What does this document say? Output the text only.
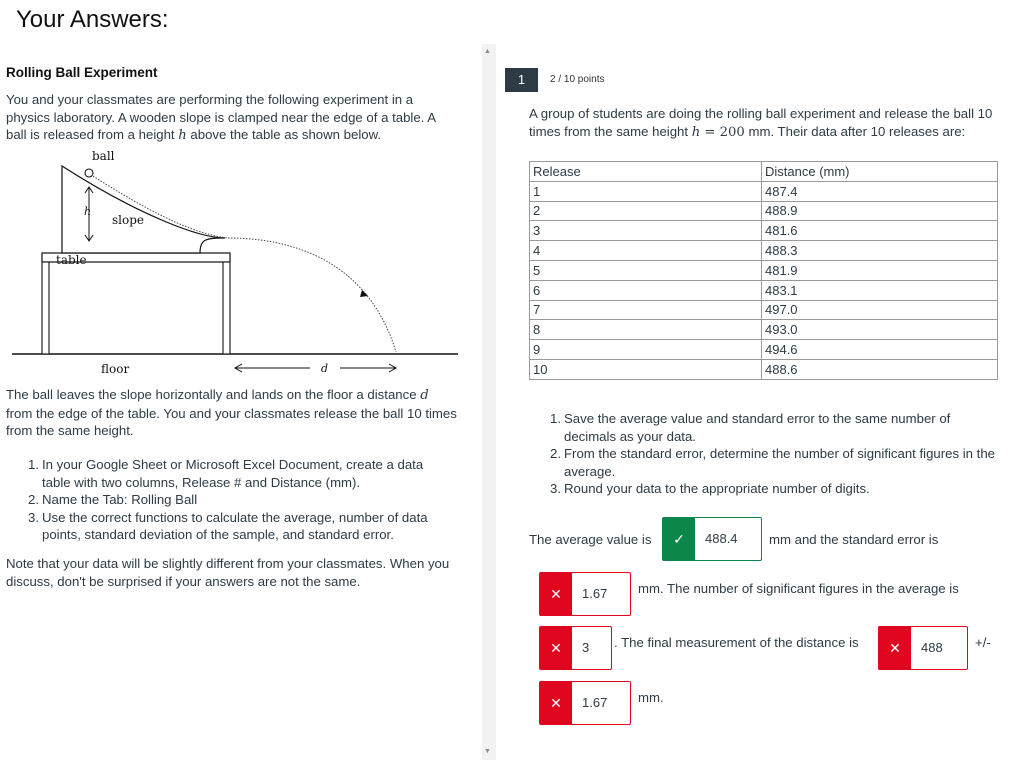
Your Answers:
Rolling Ball Experiment
You and your classmates are performing the following experiment in a physics laboratory. A wooden slope is clamped near the edge of a table. A ball is released from a height h above the table as shown below.
ball
h
slope
table
floor	d
The ball leaves the slope horizontally and lands on the floor a distance d from the edge of the table. You and your classmates release the ball 10 times from the same height.
1. In your Google Sheet or Microsoft Excel Document, create a data table with two columns, Release # and Distance (mm).
2. Name the Tab: Rolling Ball
3. Use the correct functions to calculate the average, number of data points, standard deviation of the sample, and standard error.
Note that your data will be slightly different from your classmates. When you discuss, don't be surprised if your answers are not the same.
▲
▼
1	2 / 10 points
A group of students are doing the rolling ball experiment and release the ball 10 times from the same height h = 200 mm. Their data after 10 releases are:
Release	Distance (mm)
1	487.4
2	488.9
3	481.6
4	488.3
5	481.9
6	483.1
7	497.0
8	493.0
9	494.6
10	488.6
1. Save the average value and standard error to the same number of decimals as your data.
2. From the standard error, determine the number of significant figures in the average.
3. Round your data to the appropriate number of digits.
The average value is	✓	488.4 mm and the standard error is
✕	1.67 mm. The number of significant figures in the average is
✕	3 . The final measurement of the distance is	✕	488 +/-
✕	1.67 mm.
